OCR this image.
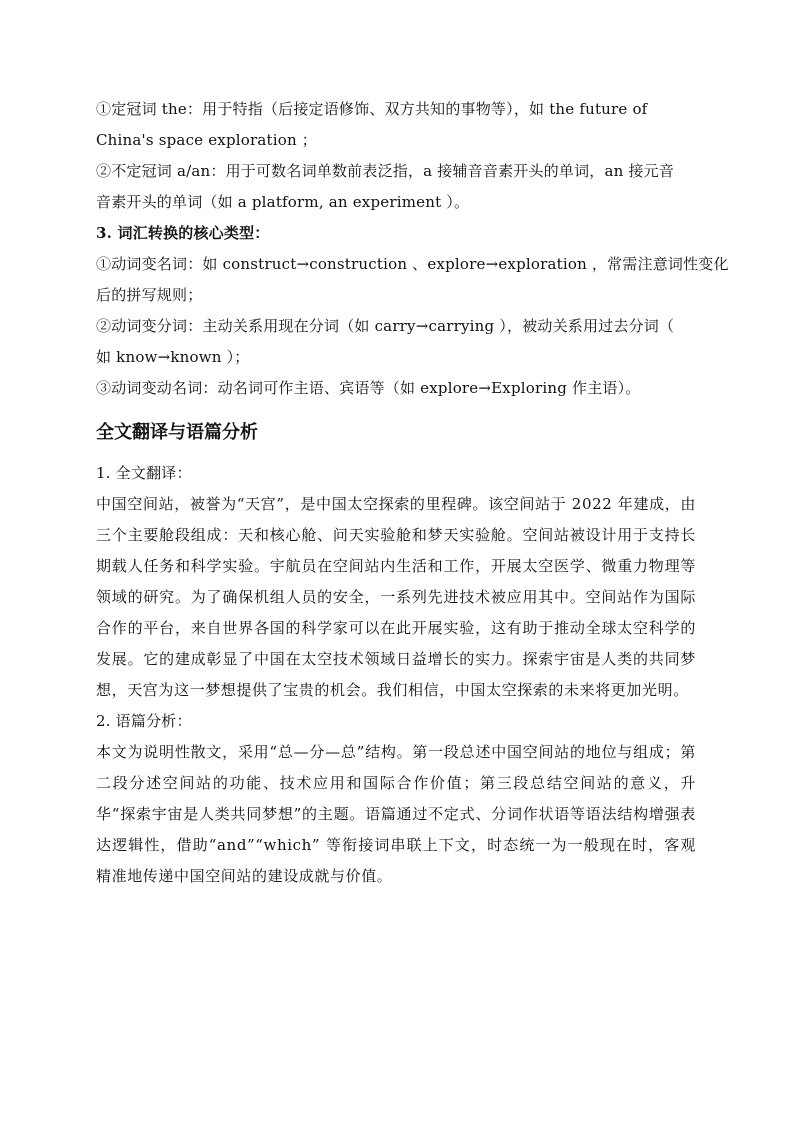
①定冠词 the：用于特指（后接定语修饰、双方共知的事物等），如 the future of
China's space exploration ；
②不定冠词 a/an：用于可数名词单数前表泛指，a 接辅音音素开头的单词，an 接元音
音素开头的单词（如 a platform, an experiment ）。
3. 词汇转换的核心类型：
①动词变名词：如 construct→construction 、explore→exploration ，常需注意词性变化
后的拼写规则；
②动词变分词：主动关系用现在分词（如 carry→carrying ），被动关系用过去分词（
如 know→known ）；
③动词变动名词：动名词可作主语、宾语等（如 explore→Exploring 作主语）。
全文翻译与语篇分析
1. 全文翻译：
中国空间站，被誉为“天宫”，是中国太空探索的里程碑。该空间站于 2022 年建成，由三个主要舱段组成：天和核心舱、问天实验舱和梦天实验舱。空间站被设计用于支持长期载人任务和科学实验。宇航员在空间站内生活和工作，开展太空医学、微重力物理等领域的研究。为了确保机组人员的安全，一系列先进技术被应用其中。空间站作为国际合作的平台，来自世界各国的科学家可以在此开展实验，这有助于推动全球太空科学的发展。它的建成彰显了中国在太空技术领域日益增长的实力。探索宇宙是人类的共同梦想，天宫为这一梦想提供了宝贵的机会。我们相信，中国太空探索的未来将更加光明。
2. 语篇分析：
本文为说明性散文，采用“总—分—总”结构。第一段总述中国空间站的地位与组成；第二段分述空间站的功能、技术应用和国际合作价值；第三段总结空间站的意义，升华“探索宇宙是人类共同梦想”的主题。语篇通过不定式、分词作状语等语法结构增强表达逻辑性，借助“and”“which” 等衔接词串联上下文，时态统一为一般现在时，客观精准地传递中国空间站的建设成就与价值。
